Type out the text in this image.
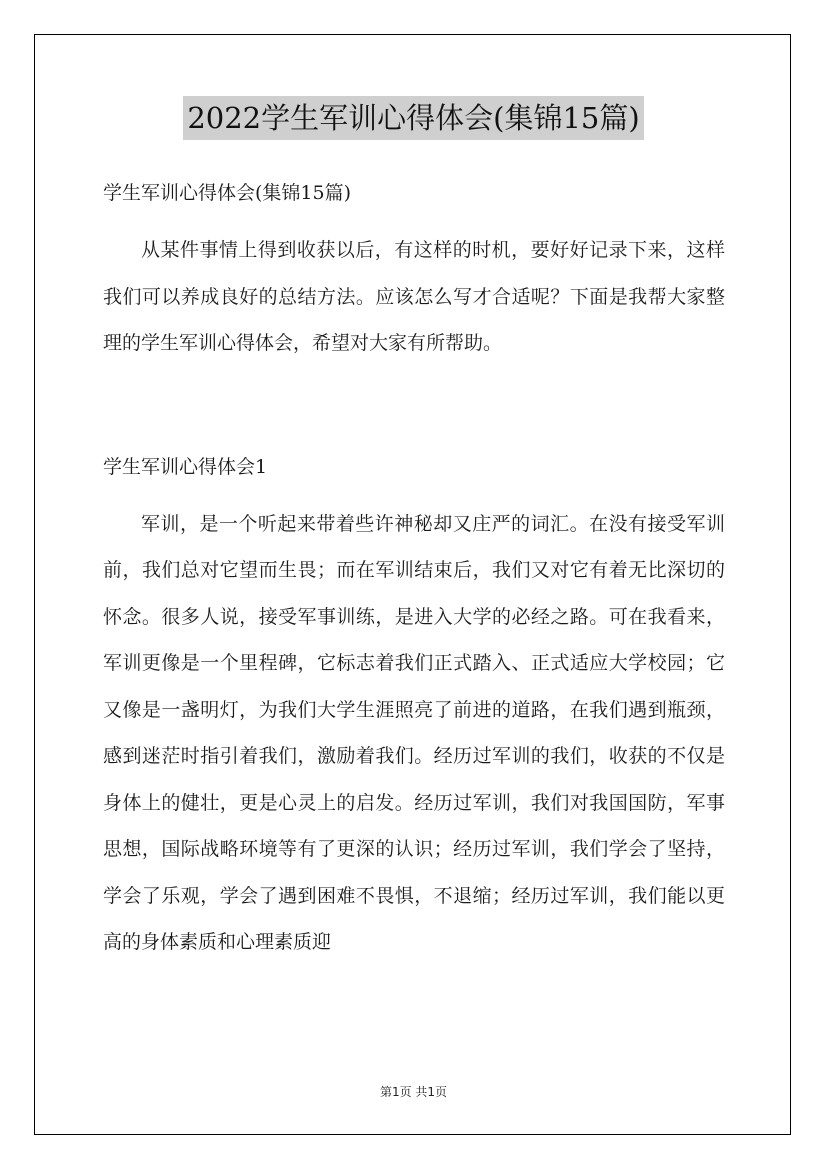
2022学生军训心得体会(集锦15篇)

学生军训心得体会(集锦15篇)

从某件事情上得到收获以后，有这样的时机，要好好记录下来，这样我们可以养成良好的总结方法。应该怎么写才合适呢？下面是我帮大家整理的学生军训心得体会，希望对大家有所帮助。

学生军训心得体会1

军训，是一个听起来带着些许神秘却又庄严的词汇。在没有接受军训前，我们总对它望而生畏；而在军训结束后，我们又对它有着无比深切的怀念。很多人说，接受军事训练，是进入大学的必经之路。可在我看来，军训更像是一个里程碑，它标志着我们正式踏入、正式适应大学校园；它又像是一盏明灯，为我们大学生涯照亮了前进的道路，在我们遇到瓶颈，感到迷茫时指引着我们，激励着我们。经历过军训的我们，收获的不仅是身体上的健壮，更是心灵上的启发。经历过军训，我们对我国国防，军事思想，国际战略环境等有了更深的认识；经历过军训，我们学会了坚持，学会了乐观，学会了遇到困难不畏惧，不退缩；经历过军训，我们能以更高的身体素质和心理素质迎

第1页 共1页
